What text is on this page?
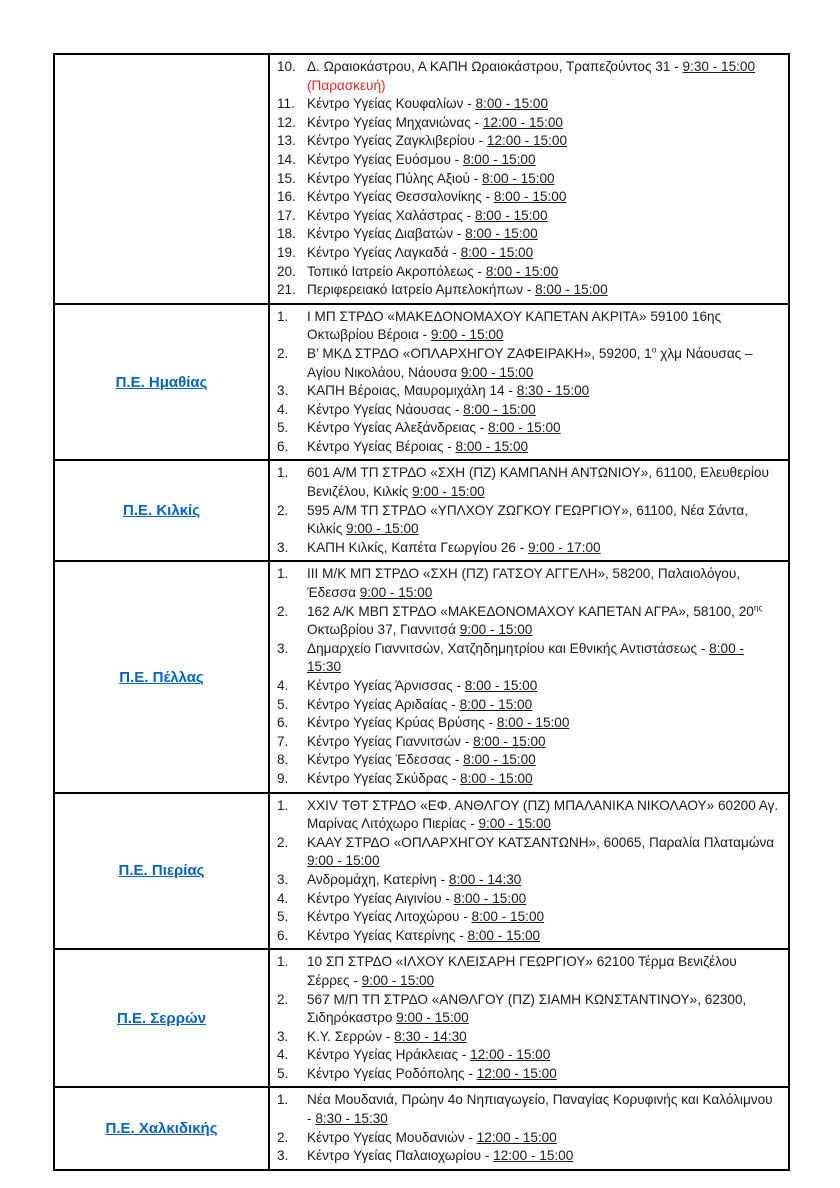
10. Δ. Ωραιοκάστρου, Α ΚΑΠΗ Ωραιοκάστρου, Τραπεζούντος 31 - 9:30 - 15:00
(Παρασκευή)
11. Κέντρο Υγείας Κουφαλίων - 8:00 - 15:00
12. Κέντρο Υγείας Μηχανιώνας - 12:00 - 15:00
13. Κέντρο Υγείας Ζαγκλιβερίου - 12:00 - 15:00
14. Κέντρο Υγείας Ευόσμου - 8:00 - 15:00
15. Κέντρο Υγείας Πύλης Αξιού - 8:00 - 15:00
16. Κέντρο Υγείας Θεσσαλονίκης - 8:00 - 15:00
17. Κέντρο Υγείας Χαλάστρας - 8:00 - 15:00
18. Κέντρο Υγείας Διαβατών - 8:00 - 15:00
19. Κέντρο Υγείας Λαγκαδά - 8:00 - 15:00
20. Τοπικό Ιατρείο Ακροπόλεως - 8:00 - 15:00
21. Περιφερειακό Ιατρείο Αμπελοκήπων - 8:00 - 15:00
Π.Ε. Ημαθίας
1.	Ι ΜΠ ΣΤΡΔΟ «ΜΑΚΕΔΟΝΟΜΑΧΟΥ ΚΑΠΕΤΑΝ ΑΚΡΙΤΑ» 59100 16ης Οκτωβρίου Βέροια - 9:00 - 15:00
2.	Β’ ΜΚΔ ΣΤΡΔΟ «ΟΠΛΑΡΧΗΓΟΥ ΖΑΦΕΙΡΑΚΗ», 59200, $1^o$ χλμ Νάουσας – Αγίου Νικολάου, Νάουσα 9:00 - 15:00
3.	ΚΑΠΗ Βέροιας, Μαυρομιχάλη 14 - 8:30 - 15:00
4.	Κέντρο Υγείας Νάουσας - 8:00 - 15:00
5.	Κέντρο Υγείας Αλεξάνδρειας - 8:00 - 15:00
6.	Κέντρο Υγείας Βέροιας - 8:00 - 15:00
Π.Ε. Κιλκίς
1.	601 Α/Μ ΤΠ ΣΤΡΔΟ «ΣΧΗ (ΠΖ) ΚΑΜΠΑΝΗ ΑΝΤΩΝΙΟΥ», 61100, Ελευθερίου Βενιζέλου, Κιλκίς 9:00 - 15:00
2.	595 Α/Μ ΤΠ ΣΤΡΔΟ «ΥΠΛΧΟΥ ΖΩΓΚΟΥ ΓΕΩΡΓΙΟΥ», 61100, Νέα Σάντα, Κιλκίς 9:00 - 15:00
3.	ΚΑΠΗ Κιλκίς, Καπέτα Γεωργίου 26 - 9:00 - 17:00
Π.Ε. Πέλλας
1.	ΙΙΙ Μ/Κ ΜΠ ΣΤΡΔΟ «ΣΧΗ (ΠΖ) ΓΑΤΣΟΥ ΑΓΓΕΛΗ», 58200, Παλαιολόγου, Έδεσσα 9:00 - 15:00
2.	162 Α/Κ ΜΒΠ ΣΤΡΔΟ «ΜΑΚΕΔΟΝΟΜΑΧΟΥ ΚΑΠΕΤΑΝ ΑΓΡΑ», 58100, $20^{\eta\varsigma}$ Οκτωβρίου 37, Γιαννιτσά 9:00 - 15:00
3.	Δημαρχείο Γιαννιτσών, Χατζηδημητρίου και Εθνικής Αντιστάσεως - 8:00 - 15:30
4.	Κέντρο Υγείας Άρνισσας - 8:00 - 15:00
5.	Κέντρο Υγείας Αριδαίας - 8:00 - 15:00
6.	Κέντρο Υγείας Κρύας Βρύσης - 8:00 - 15:00
7.	Κέντρο Υγείας Γιαννιτσών - 8:00 - 15:00
8.	Κέντρο Υγείας Έδεσσας - 8:00 - 15:00
9.	Κέντρο Υγείας Σκύδρας - 8:00 - 15:00
Π.Ε. Πιερίας
1.	XXIV ΤΘΤ ΣΤΡΔΟ «ΕΦ. ΑΝΘΛΓΟΥ (ΠΖ) ΜΠΑΛΑΝΙΚΑ ΝΙΚΟΛΑΟΥ» 60200 Αγ. Μαρίνας Λιτόχωρο Πιερίας - 9:00 - 15:00
2.	ΚΑΑΥ ΣΤΡΔΟ «ΟΠΛΑΡΧΗΓΟΥ ΚΑΤΣΑΝΤΩΝΗ», 60065, Παραλία Πλαταμώνα 9:00 - 15:00
3.	Ανδρομάχη, Κατερίνη - 8:00 - 14:30
4.	Κέντρο Υγείας Αιγινίου - 8:00 - 15:00
5.	Κέντρο Υγείας Λιτοχώρου - 8:00 - 15:00
6.	Κέντρο Υγείας Κατερίνης - 8:00 - 15:00
Π.Ε. Σερρών
1.	10 ΣΠ ΣΤΡΔΟ «ΙΛΧΟΥ ΚΛΕΙΣΑΡΗ ΓΕΩΡΓΙΟΥ» 62100 Τέρμα Βενιζέλου Σέρρες - 9:00 - 15:00
2.	567 Μ/Π ΤΠ ΣΤΡΔΟ «ΑΝΘΛΓΟΥ (ΠΖ) ΣΙΑΜΗ ΚΩΝΣΤΑΝΤΙΝΟΥ», 62300, Σιδηρόκαστρο 9:00 - 15:00
3.	Κ.Υ. Σερρών - 8:30 - 14:30
4.	Κέντρο Υγείας Ηράκλειας - 12:00 - 15:00
5.	Κέντρο Υγείας Ροδόπολης - 12:00 - 15:00
Π.Ε. Χαλκιδικής
1.	Νέα Μουδανιά, Πρώην 4ο Νηπιαγωγείο, Παναγίας Κορυφινής και Καλόλιμνου - 8:30 - 15:30
2.	Κέντρο Υγείας Μουδανιών - 12:00 - 15:00
3.	Κέντρο Υγείας Παλαιοχωρίου - 12:00 - 15:00
